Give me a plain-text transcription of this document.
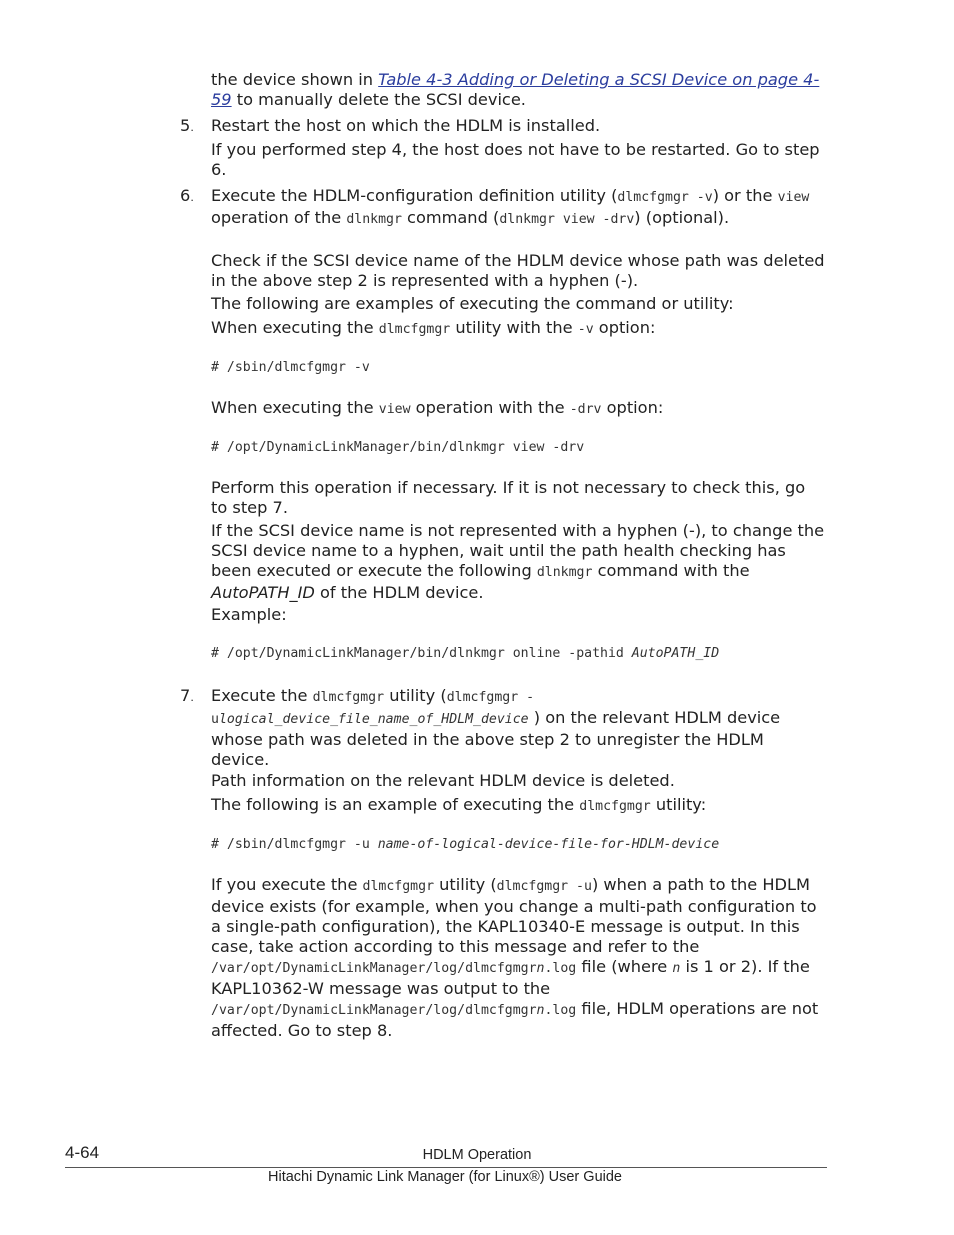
the device shown in Table 4-3 Adding or Deleting a SCSI Device on page 4-59 to manually delete the SCSI device.
5. Restart the host on which the HDLM is installed.
If you performed step 4, the host does not have to be restarted. Go to step 6.
6. Execute the HDLM-configuration definition utility (dlmcfgmgr -v) or the view operation of the dlnkmgr command (dlnkmgr view -drv) (optional).
Check if the SCSI device name of the HDLM device whose path was deleted in the above step 2 is represented with a hyphen (-).
The following are examples of executing the command or utility:
When executing the dlmcfgmgr utility with the -v option:
# /sbin/dlmcfgmgr -v
When executing the view operation with the -drv option:
# /opt/DynamicLinkManager/bin/dlnkmgr view -drv
Perform this operation if necessary. If it is not necessary to check this, go to step 7.
If the SCSI device name is not represented with a hyphen (-), to change the SCSI device name to a hyphen, wait until the path health checking has been executed or execute the following dlnkmgr command with the AutoPATH_ID of the HDLM device.
Example:
# /opt/DynamicLinkManager/bin/dlnkmgr online -pathid AutoPATH_ID
7. Execute the dlmcfgmgr utility (dlmcfgmgr -ulogical_device_file_name_of_HDLM_device ) on the relevant HDLM device whose path was deleted in the above step 2 to unregister the HDLM device.
Path information on the relevant HDLM device is deleted.
The following is an example of executing the dlmcfgmgr utility:
# /sbin/dlmcfgmgr -u name-of-logical-device-file-for-HDLM-device
If you execute the dlmcfgmgr utility (dlmcfgmgr -u) when a path to the HDLM device exists (for example, when you change a multi-path configuration to a single-path configuration), the KAPL10340-E message is output. In this case, take action according to this message and refer to the /var/opt/DynamicLinkManager/log/dlmcfgmgrn.log file (where n is 1 or 2). If the KAPL10362-W message was output to the /var/opt/DynamicLinkManager/log/dlmcfgmgrn.log file, HDLM operations are not affected. Go to step 8.
4-64	HDLM Operation
Hitachi Dynamic Link Manager (for Linux®) User Guide
